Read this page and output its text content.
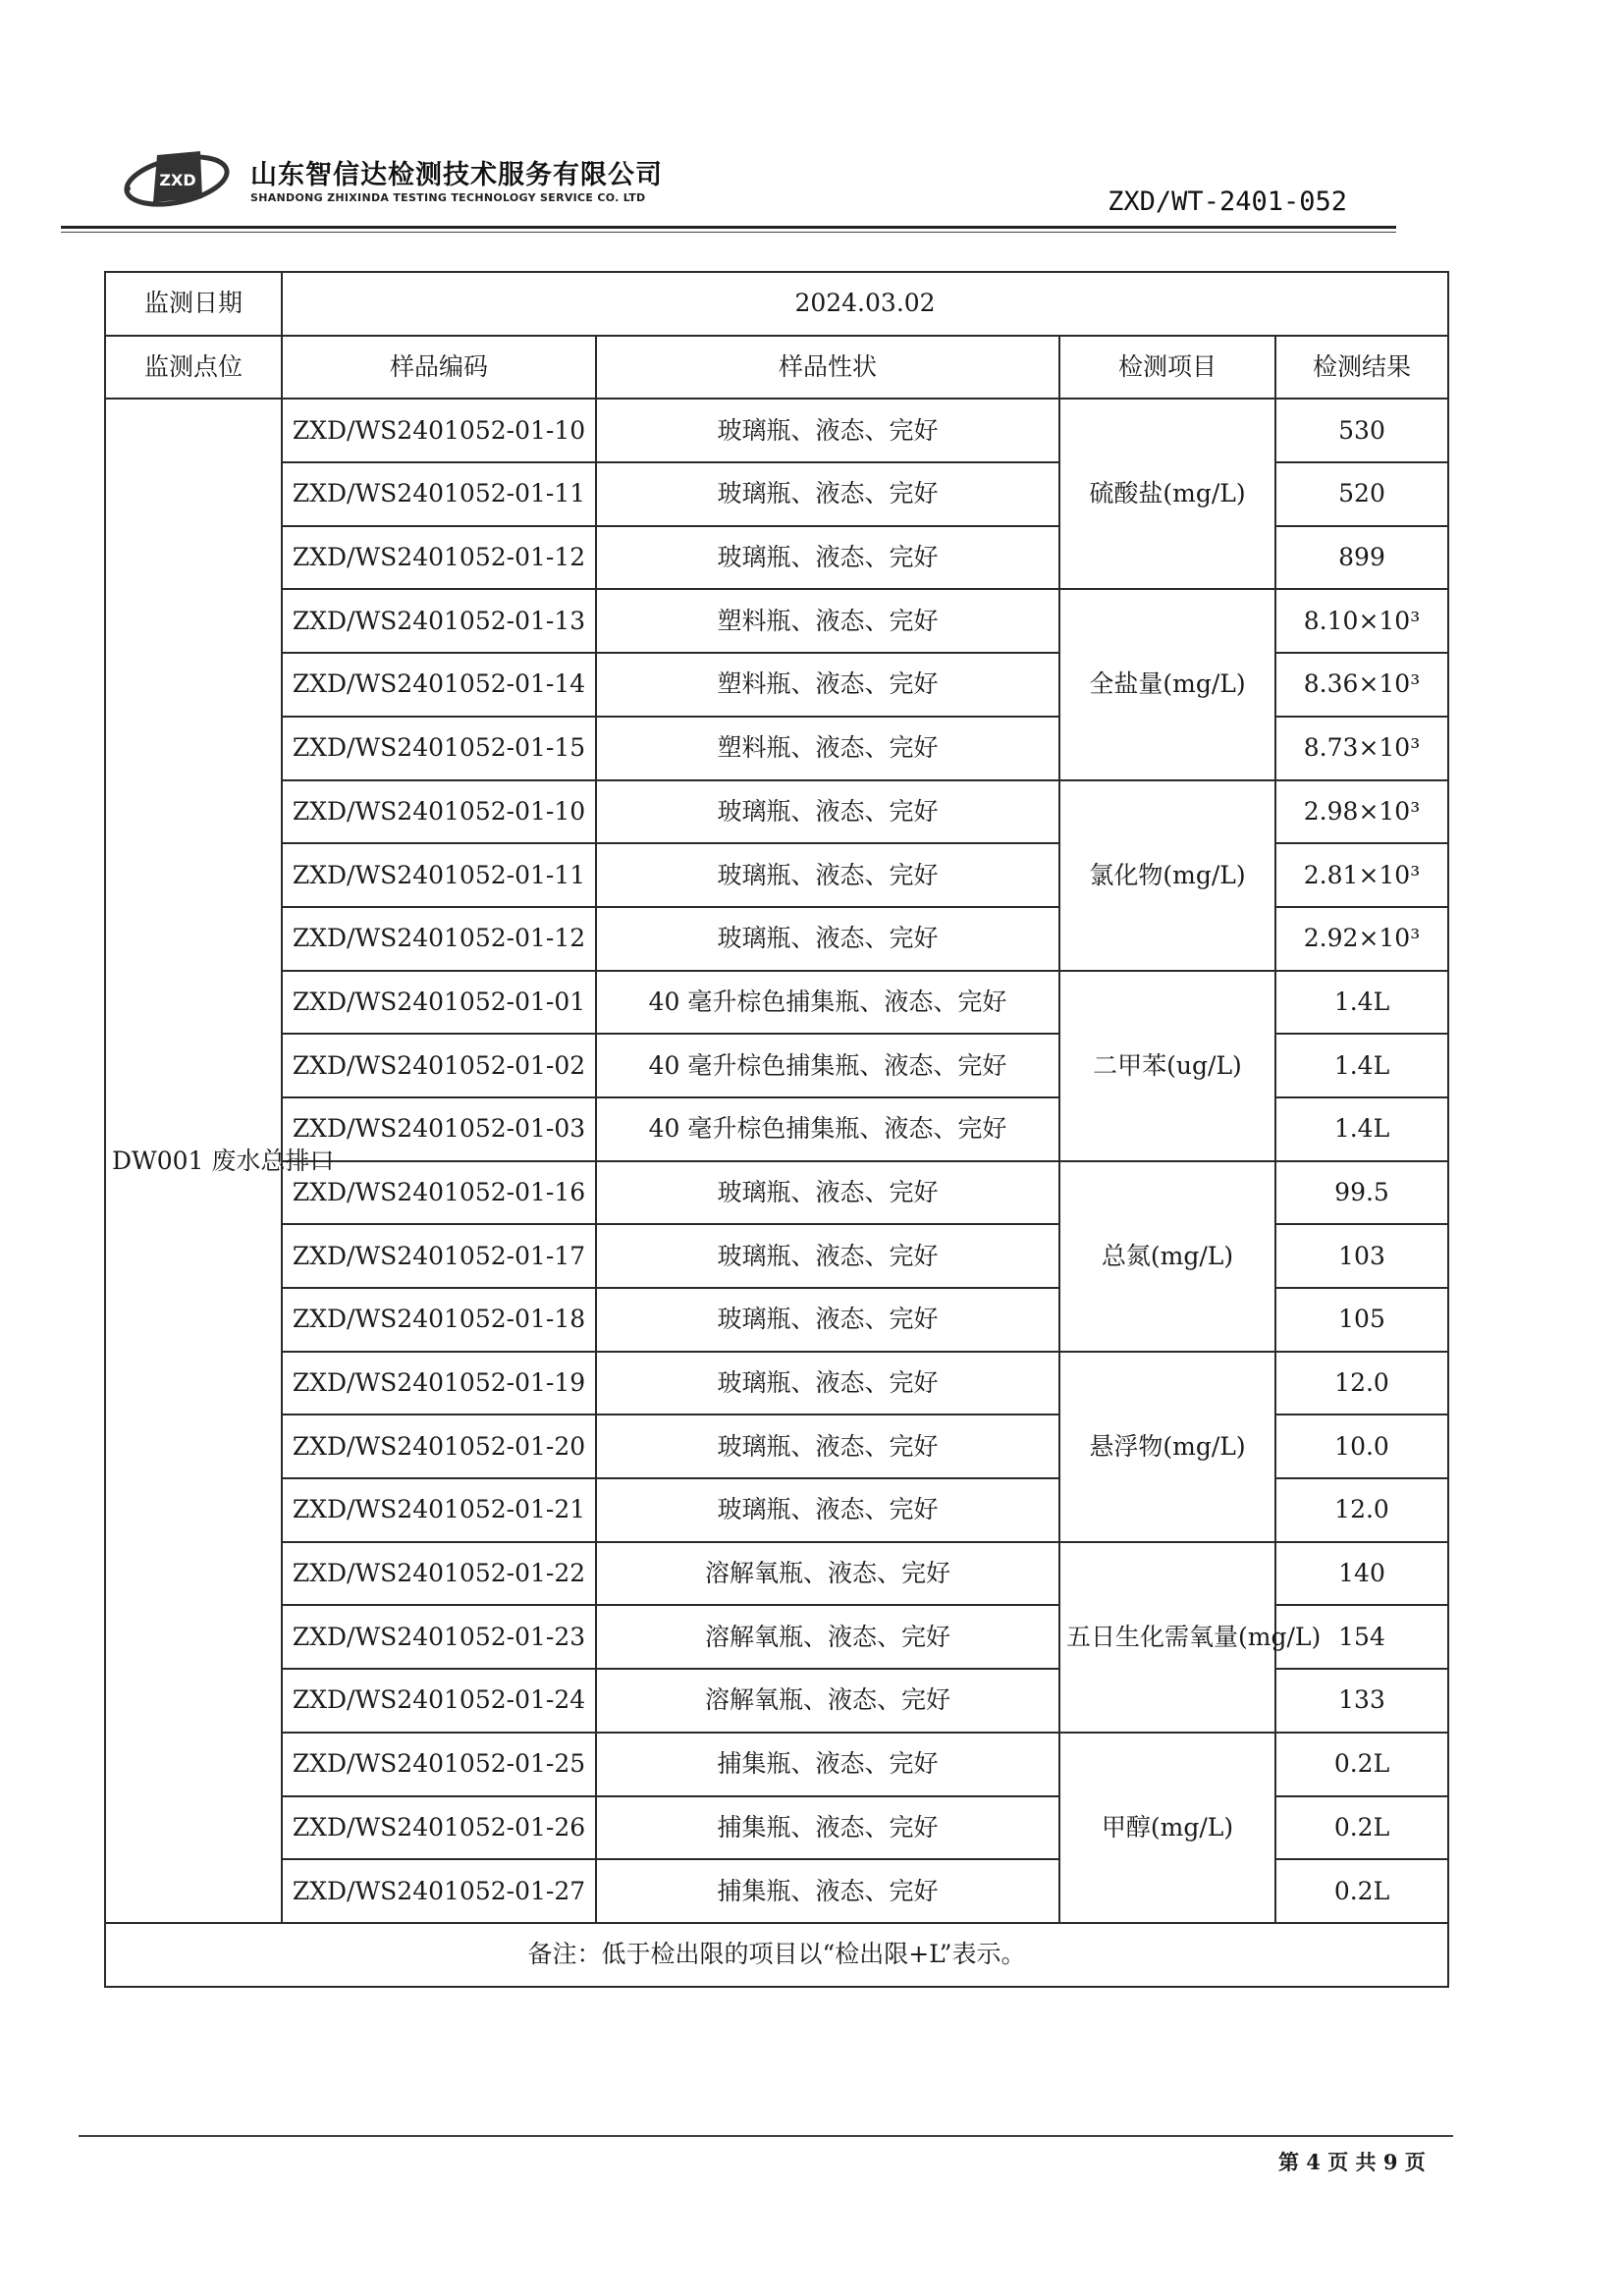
ZXD 山东智信达检测技术服务有限公司
SHANDONG ZHIXINDA TESTING TECHNOLOGY SERVICE CO. LTD	ZXD/WT-2401-052
监测日期	2024.03.02			
监测点位	样品编码	样品性状	检测项目	检测结果
DW001 废水总排口	ZXD/WS2401052-01-10	玻璃瓶、液态、完好	硫酸盐(mg/L)	530
	ZXD/WS2401052-01-11	玻璃瓶、液态、完好		520
	ZXD/WS2401052-01-12	玻璃瓶、液态、完好		899
	ZXD/WS2401052-01-13	塑料瓶、液态、完好	全盐量(mg/L)	8.10×10³
	ZXD/WS2401052-01-14	塑料瓶、液态、完好		8.36×10³
	ZXD/WS2401052-01-15	塑料瓶、液态、完好		8.73×10³
	ZXD/WS2401052-01-10	玻璃瓶、液态、完好	氯化物(mg/L)	2.98×10³
	ZXD/WS2401052-01-11	玻璃瓶、液态、完好		2.81×10³
	ZXD/WS2401052-01-12	玻璃瓶、液态、完好		2.92×10³
	ZXD/WS2401052-01-01	40 毫升棕色捕集瓶、液态、完好	二甲苯(ug/L)	1.4L
	ZXD/WS2401052-01-02	40 毫升棕色捕集瓶、液态、完好		1.4L
	ZXD/WS2401052-01-03	40 毫升棕色捕集瓶、液态、完好		1.4L
	ZXD/WS2401052-01-16	玻璃瓶、液态、完好	总氮(mg/L)	99.5
	ZXD/WS2401052-01-17	玻璃瓶、液态、完好		103
	ZXD/WS2401052-01-18	玻璃瓶、液态、完好		105
	ZXD/WS2401052-01-19	玻璃瓶、液态、完好	悬浮物(mg/L)	12.0
	ZXD/WS2401052-01-20	玻璃瓶、液态、完好		10.0
	ZXD/WS2401052-01-21	玻璃瓶、液态、完好		12.0
	ZXD/WS2401052-01-22	溶解氧瓶、液态、完好	五日生化需氧量(mg/L)	140
	ZXD/WS2401052-01-23	溶解氧瓶、液态、完好		154
	ZXD/WS2401052-01-24	溶解氧瓶、液态、完好		133
	ZXD/WS2401052-01-25	捕集瓶、液态、完好	甲醇(mg/L)	0.2L
	ZXD/WS2401052-01-26	捕集瓶、液态、完好		0.2L
	ZXD/WS2401052-01-27	捕集瓶、液态、完好		0.2L
备注：低于检出限的项目以“检出限+L”表示。				
第 4 页 共 9 页
